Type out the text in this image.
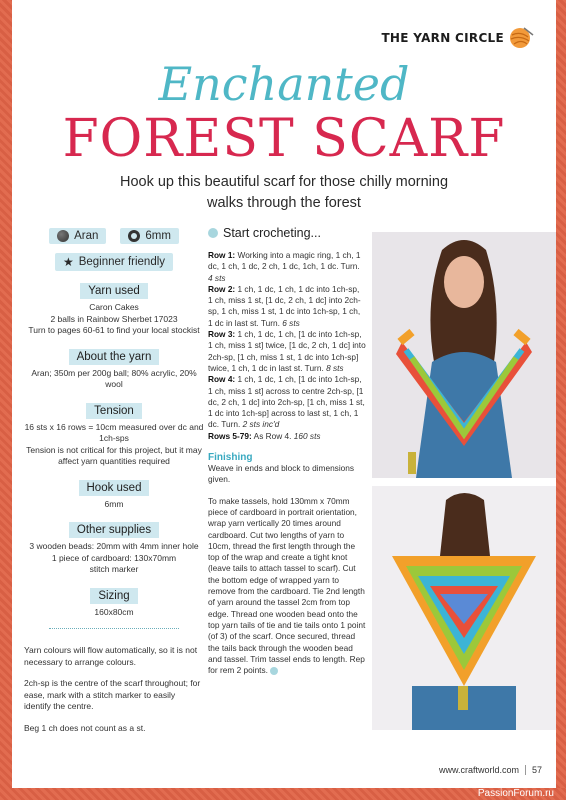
THE YARN CIRCLE
Enchanted
FOREST SCARF
Hook up this beautiful scarf for those chilly morning walks through the forest
Aran	6mm
★ Beginner friendly
Yarn used
Caron Cakes
2 balls in Rainbow Sherbet 17023
Turn to pages 60-61 to find your local stockist
About the yarn
Aran; 350m per 200g ball; 80% acrylic, 20% wool
Tension
16 sts x 16 rows = 10cm measured over dc and 1ch-sps
Tension is not critical for this project, but it may affect yarn quantities required
Hook used
6mm
Other supplies
3 wooden beads: 20mm with 4mm inner hole
1 piece of cardboard: 130x70mm
stitch marker
Sizing
160x80cm

Yarn colours will flow automatically, so it is not necessary to arrange colours.

2ch-sp is the centre of the scarf throughout; for ease, mark with a stitch marker to easily identify the centre.

Beg 1 ch does not count as a st.

Start crocheting...
Row 1: Working into a magic ring, 1 ch, 1 dc, 1 ch, 1 dc, 2 ch, 1 dc, 1ch, 1 dc. Turn. 4 sts
Row 2: 1 ch, 1 dc, 1 ch, 1 dc into 1ch-sp, 1 ch, miss 1 st, [1 dc, 2 ch, 1 dc] into 2ch-sp, 1 ch, miss 1 st, 1 dc into 1ch-sp, 1 ch, 1 dc in last st. Turn. 6 sts
Row 3: 1 ch, 1 dc, 1 ch, [1 dc into 1ch-sp, 1 ch, miss 1 st] twice, [1 dc, 2 ch, 1 dc] into 2ch-sp, [1 ch, miss 1 st, 1 dc into 1ch-sp] twice, 1 ch, 1 dc in last st. Turn. 8 sts
Row 4: 1 ch, 1 dc, 1 ch, [1 dc into 1ch-sp, 1 ch, miss 1 st] across to centre 2ch-sp, [1 dc, 2 ch, 1 dc] into 2ch-sp, [1 ch, miss 1 st, 1 dc into 1ch-sp] across to last st, 1 ch, 1 dc. Turn. 2 sts inc'd
Rows 5-79: As Row 4. 160 sts
Finishing

Weave in ends and block to dimensions given.

To make tassels, hold 130mm x 70mm piece of cardboard in portrait orientation, wrap yarn vertically 20 times around cardboard. Cut two lengths of yarn to 10cm, thread the first length through the top of the wrap and create a tight knot (leave tails to attach tassel to scarf). Cut the bottom edge of wrapped yarn to remove from the cardboard. Tie 2nd length of yarn around the tassel 2cm from top edge. Thread one wooden bead onto the top yarn tails of tie and tie tails onto 1 point (of 3) of the scarf. Once secured, thread the tails back through the wooden bead and tassel. Trim tassel ends to length. Rep for rem 2 points.

www.craftworld.com 57
PassionForum.ru
